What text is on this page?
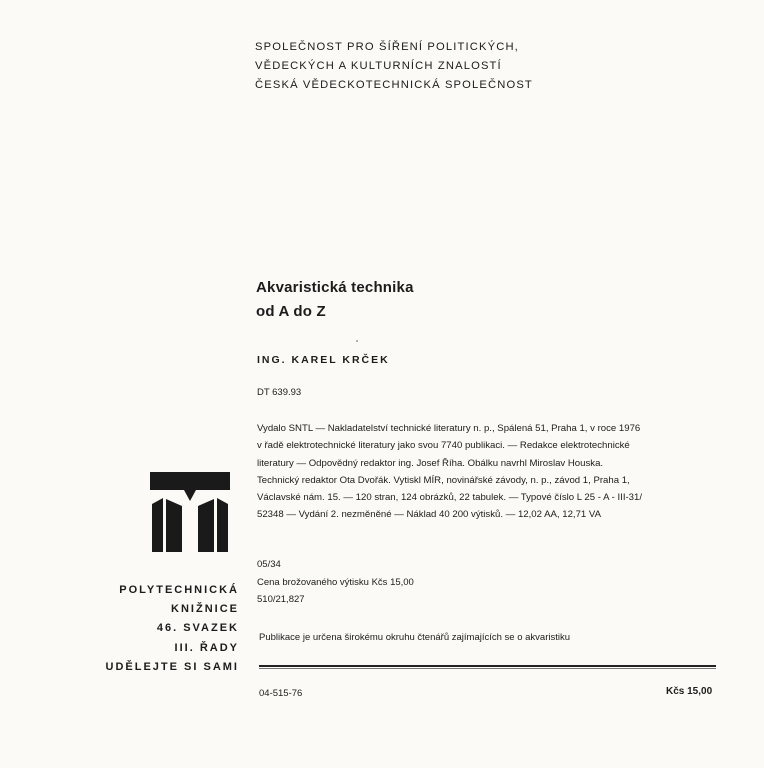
SPOLEČNOST PRO ŠÍŘENÍ POLITICKÝCH,
VĚDECKÝCH A KULTURNÍCH ZNALOSTÍ
ČESKÁ VĚDECKOTECHNICKÁ SPOLEČNOST
Akvaristická technika
od A do Z
ING. KAREL KRČEK
DT 639.93
Vydalo SNTL — Nakladatelství technické literatury n. p., Spálená 51, Praha 1, v roce 1976
v řadě elektrotechnické literatury jako svou 7740 publikaci. — Redakce elektrotechnické
literatury — Odpovědný redaktor ing. Josef Říha. Obálku navrhl Miroslav Houska.
Technický redaktor Ota Dvořák. Vytiskl MÍR, novinářské závody, n. p., závod 1, Praha 1,
Václavské nám. 15. — 120 stran, 124 obrázků, 22 tabulek. — Typové číslo L 25 - A - III-31/
52348 — Vydání 2. nezměněné — Náklad 40 200 výtisků. — 12,02 AA, 12,71 VA
05/34
Cena brožovaného výtisku Kčs 15,00
510/21,827
Publikace je určena širokému okruhu čtenářů zajímajících se o akvaristiku
04-515-76	Kčs 15,00
POLYTECHNICKÁ
KNIŽNICE
46. SVAZEK
III. ŘADY
UDĚLEJTE SI SAMI
